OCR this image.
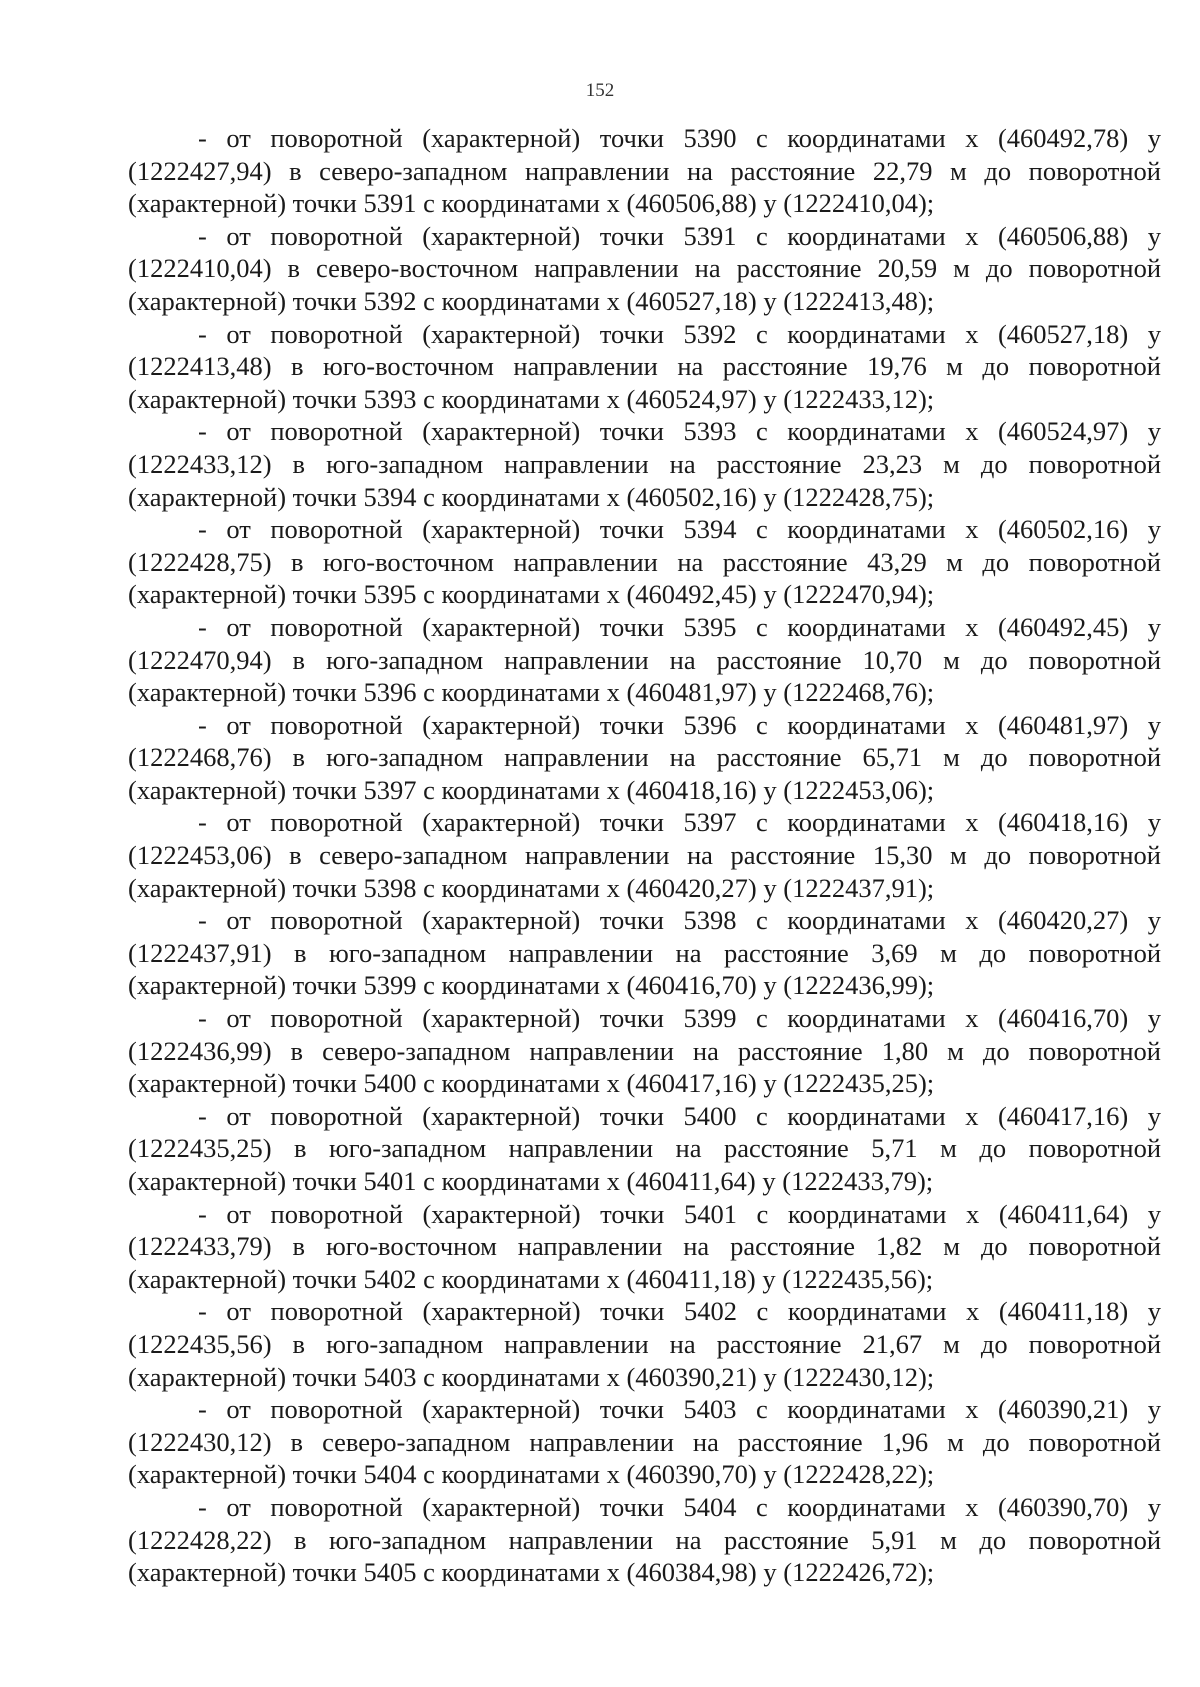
152

- от поворотной (характерной) точки 5390 с координатами х (460492,78) у (1222427,94) в северо-западном направлении на расстояние 22,79 м до поворотной (характерной) точки 5391 с координатами х (460506,88) у (1222410,04);

- от поворотной (характерной) точки 5391 с координатами х (460506,88) у (1222410,04) в северо-восточном направлении на расстояние 20,59 м до поворотной (характерной) точки 5392 с координатами х (460527,18) у (1222413,48);

- от поворотной (характерной) точки 5392 с координатами х (460527,18) у (1222413,48) в юго-восточном направлении на расстояние 19,76 м до поворотной (характерной) точки 5393 с координатами х (460524,97) у (1222433,12);

- от поворотной (характерной) точки 5393 с координатами х (460524,97) у (1222433,12) в юго-западном направлении на расстояние 23,23 м до поворотной (характерной) точки 5394 с координатами х (460502,16) у (1222428,75);

- от поворотной (характерной) точки 5394 с координатами х (460502,16) у (1222428,75) в юго-восточном направлении на расстояние 43,29 м до поворотной (характерной) точки 5395 с координатами х (460492,45) у (1222470,94);

- от поворотной (характерной) точки 5395 с координатами х (460492,45) у (1222470,94) в юго-западном направлении на расстояние 10,70 м до поворотной (характерной) точки 5396 с координатами х (460481,97) у (1222468,76);

- от поворотной (характерной) точки 5396 с координатами х (460481,97) у (1222468,76) в юго-западном направлении на расстояние 65,71 м до поворотной (характерной) точки 5397 с координатами х (460418,16) у (1222453,06);

- от поворотной (характерной) точки 5397 с координатами х (460418,16) у (1222453,06) в северо-западном направлении на расстояние 15,30 м до поворотной (характерной) точки 5398 с координатами х (460420,27) у (1222437,91);

- от поворотной (характерной) точки 5398 с координатами х (460420,27) у (1222437,91) в юго-западном направлении на расстояние 3,69 м до поворотной (характерной) точки 5399 с координатами х (460416,70) у (1222436,99);

- от поворотной (характерной) точки 5399 с координатами х (460416,70) у (1222436,99) в северо-западном направлении на расстояние 1,80 м до поворотной (характерной) точки 5400 с координатами х (460417,16) у (1222435,25);

- от поворотной (характерной) точки 5400 с координатами х (460417,16) у (1222435,25) в юго-западном направлении на расстояние 5,71 м до поворотной (характерной) точки 5401 с координатами х (460411,64) у (1222433,79);

- от поворотной (характерной) точки 5401 с координатами х (460411,64) у (1222433,79) в юго-восточном направлении на расстояние 1,82 м до поворотной (характерной) точки 5402 с координатами х (460411,18) у (1222435,56);

- от поворотной (характерной) точки 5402 с координатами х (460411,18) у (1222435,56) в юго-западном направлении на расстояние 21,67 м до поворотной (характерной) точки 5403 с координатами х (460390,21) у (1222430,12);

- от поворотной (характерной) точки 5403 с координатами х (460390,21) у (1222430,12) в северо-западном направлении на расстояние 1,96 м до поворотной (характерной) точки 5404 с координатами х (460390,70) у (1222428,22);

- от поворотной (характерной) точки 5404 с координатами х (460390,70) у (1222428,22) в юго-западном направлении на расстояние 5,91 м до поворотной (характерной) точки 5405 с координатами х (460384,98) у (1222426,72);
